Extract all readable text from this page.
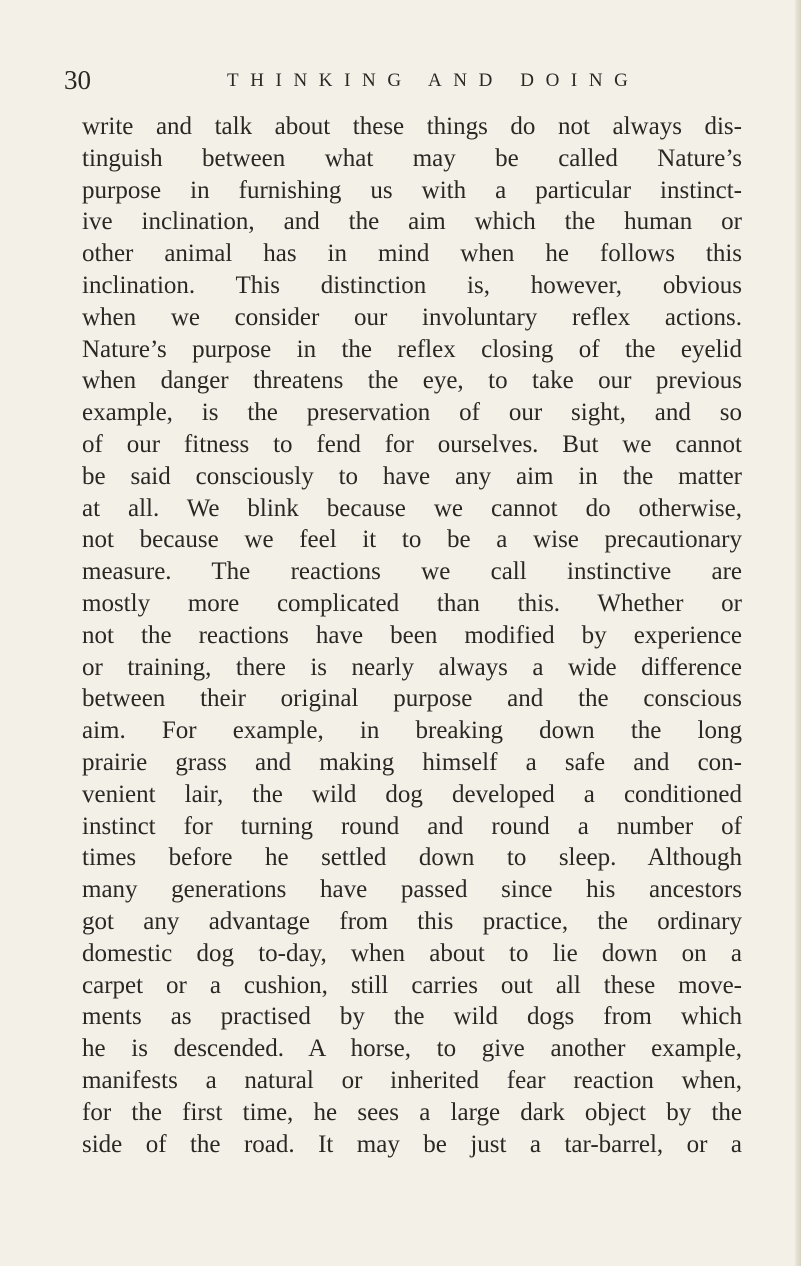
30	THINKING AND DOING
write and talk about these things do not always dis-
tinguish between what may be called Nature’s
purpose in furnishing us with a particular instinct-
ive inclination, and the aim which the human or
other animal has in mind when he follows this
inclination. This distinction is, however, obvious
when we consider our involuntary reflex actions.
Nature’s purpose in the reflex closing of the eyelid
when danger threatens the eye, to take our previous
example, is the preservation of our sight, and so
of our fitness to fend for ourselves. But we cannot
be said consciously to have any aim in the matter
at all. We blink because we cannot do otherwise,
not because we feel it to be a wise precautionary
measure. The reactions we call instinctive are
mostly more complicated than this. Whether or
not the reactions have been modified by experience
or training, there is nearly always a wide difference
between their original purpose and the conscious
aim. For example, in breaking down the long
prairie grass and making himself a safe and con-
venient lair, the wild dog developed a conditioned
instinct for turning round and round a number of
times before he settled down to sleep. Although
many generations have passed since his ancestors
got any advantage from this practice, the ordinary
domestic dog to-day, when about to lie down on a
carpet or a cushion, still carries out all these move-
ments as practised by the wild dogs from which
he is descended. A horse, to give another example,
manifests a natural or inherited fear reaction when,
for the first time, he sees a large dark object by the
side of the road. It may be just a tar-barrel, or a
